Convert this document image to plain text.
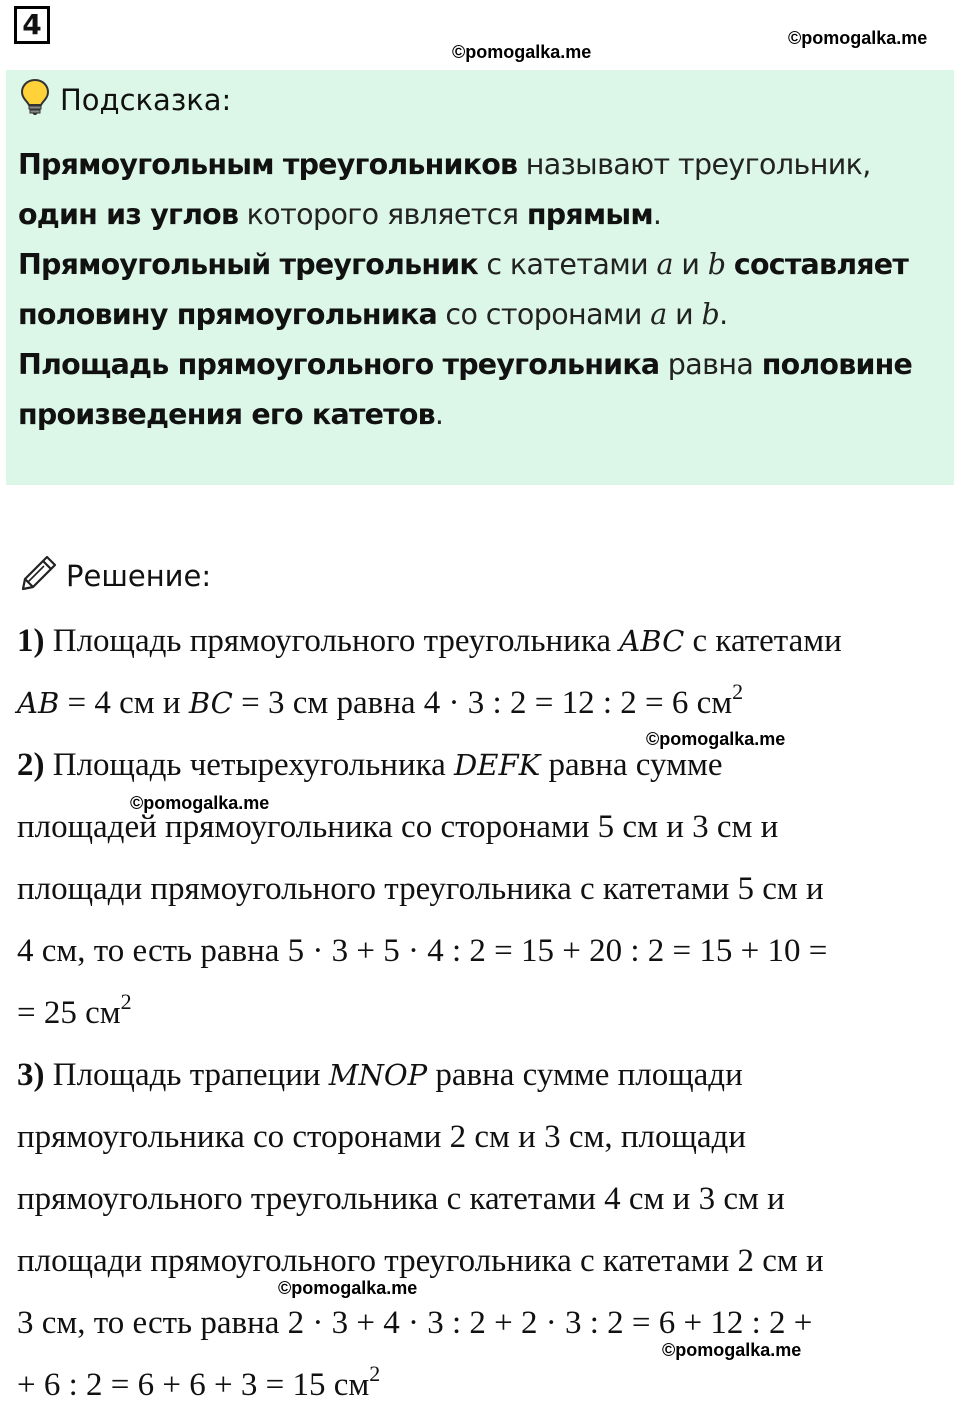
4
Подсказка:
Прямоугольным треугольников называют треугольник, один из углов которого является прямым.
Прямоугольный треугольник с катетами a и b составляет половину прямоугольника со сторонами a и b.
Площадь прямоугольного треугольника равна половине произведения его катетов.
Решение:
1) Площадь прямоугольного треугольника ABC с катетами
AB = 4 см и BC = 3 см равна 4 · 3 : 2 = 12 : 2 = 6 $см^2$
2) Площадь четырехугольника DEFK равна сумме
площадей прямоугольника со сторонами 5 см и 3 см и
площади прямоугольного треугольника с катетами 5 см и
4 см, то есть равна 5 · 3 + 5 · 4 : 2 = 15 + 20 : 2 = 15 + 10 =
= 25 $см^2$
3) Площадь трапеции MNOP равна сумме площади
прямоугольника со сторонами 2 см и 3 см, площади
прямоугольного треугольника с катетами 4 см и 3 см и
площади прямоугольного треугольника с катетами 2 см и
3 см, то есть равна 2 · 3 + 4 · 3 : 2 + 2 · 3 : 2 = 6 + 12 : 2 +
+ 6 : 2 = 6 + 6 + 3 = 15 $см^2$
©pomogalka.me
©pomogalka.me
©pomogalka.me
©pomogalka.me
©pomogalka.me
©pomogalka.me
